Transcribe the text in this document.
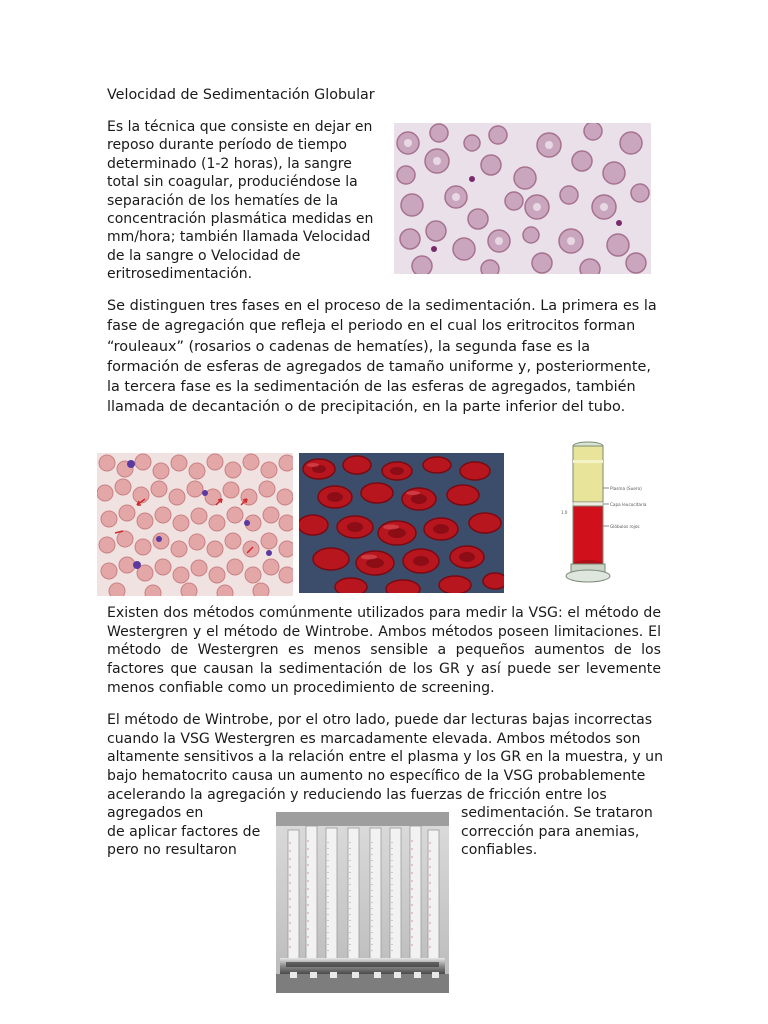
Velocidad de Sedimentación Globular
Es la técnica que consiste en dejar en reposo durante período de tiempo determinado (1-2 horas), la sangre total sin coagular, produciéndose la separación de los hematíes de la concentración plasmática medidas en mm/hora; también llamada Velocidad de la sangre o Velocidad de eritrosedimentación.
Se distinguen tres fases en el proceso de la sedimentación. La primera es la fase de agregación que refleja el periodo en el cual los eritrocitos forman “rouleaux” (rosarios o cadenas de hematíes), la segunda fase es la formación de esferas de agregados de tamaño uniforme y, posteriormente, la tercera fase es la sedimentación de las esferas de agregados, también llamada de decantación o de precipitación, en la parte inferior del tubo.
Plasma (Suero)
Capa leucocitaria
Glóbulos rojos
1.0
Existen dos métodos comúnmente utilizados para medir la VSG: el método de Westergren y el método de Wintrobe. Ambos métodos poseen limitaciones. El método de Westergren es menos sensible a pequeños aumentos de los factores que causan la sedimentación de los GR y así puede ser levemente menos confiable como un procedimiento de screening.
El método de Wintrobe, por el otro lado, puede dar lecturas bajas incorrectas
cuando la VSG Westergren es marcadamente elevada. Ambos métodos son
altamente sensitivos a la relación entre el plasma y los GR en la muestra, y un
bajo hematocrito causa un aumento no específico de la VSG probablemente
acelerando la agregación y reduciendo las fuerzas de fricción entre los
agregados en
de aplicar factores de
pero no resultaron
sedimentación. Se trataron
corrección para anemias,
confiables.
